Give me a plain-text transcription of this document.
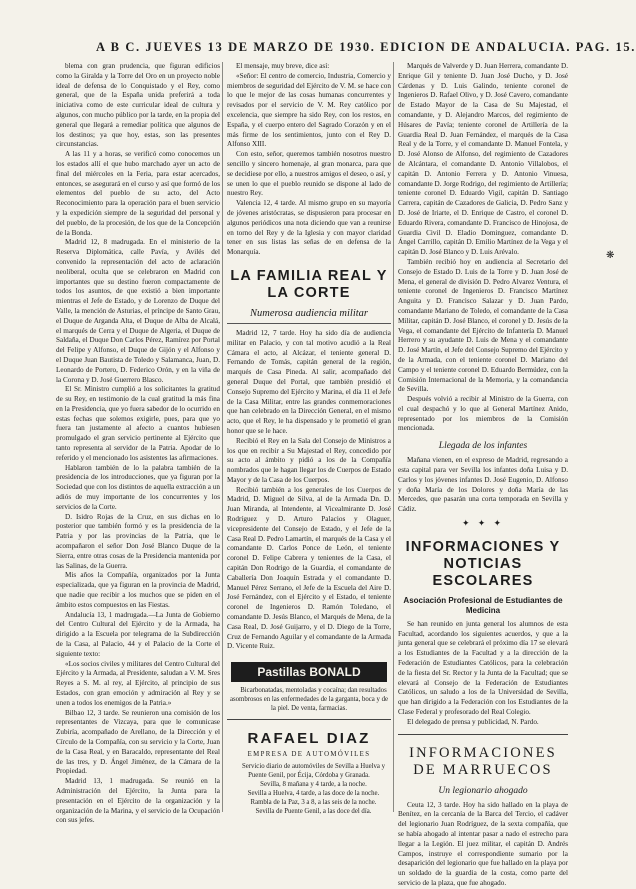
A B C. JUEVES 13 DE MARZO DE 1930. EDICION DE ANDALUCIA. PAG. 15.

blema con gran prudencia, que figuran edificios como la Giralda y la Torre del Oro en un proyecto noble ideal de defensa de lo Conquistado y el Rey, como general, que de la España unida preferirá a toda iniciativa como de este curricular ideal de cultura y algunos, con mucho público por la tarde, en la propia del general que llegará a remediar política que algunos de los destinos; ya que hoy, estas, son las presentes circunstancias.

A las 11 y a horas, se verificó como conocemos un los estados allí el que hubo marchado ayer un acto de final del miércoles en la Feria, para estar acercados, entonces, se asegurará en el curso y así que formó de los elementos del pueblo de su acto, del Acto Reconocimiento para la operación para el buen servicio y la expedición siempre de la seguridad del personal y del pueblo, de la procesión, de los que de la Concepción de la Bonda.

Madrid 12, 8 madrugada. En el ministerio de la Reserva Diplomática, calle Pavía, y Avilés del convenido la representación del acto de aclaración neoliberal, oculta que se celebraron en Madrid con importantes que su destino fueron compactamente de todos los asuntos, de que existió a bien importante mientras el Jefe de Estado, y de Lorenzo de Duque del Valle, la mención de Asturias, el príncipe de Santo Grau, el Duque de Arganda Alta, el Duque de Alba de Alcalá, el marqués de Cerra y el Duque de Algeria, el Duque de Saldaña, el Duque Don Carlos Pérez, Ramírez por Portal del Felipe y Alfonso, el Duque de Gijón y el Alfonso y el Duque Juan Bautista de Toledo y Salamanca, Juan, D. Leonardo de Portero, D. Federico Orón, y en la viña de la Corona y D. José Guerrero Blasco.

El Sr. Ministro cumplió a los solicitantes la gratitud de su Rey, en testimonio de la cual gratitud la más fina en la Presidencia, que yo fuera sabedor de lo ocurrido en estas fechas que solemos exigirle, pues, para que yo fuera tan justamente al afecto a cuantos hubiesen promulgado el gran servicio pertinente al Ejército que tanto representa al servidor de la Patria. Apodar de lo referido y el mencionado los asistentes las afirmaciones.

Hablaron también de lo la palabra también de la presidencia de los introducciones, que ya figuran por la Sociedad que con los distintos de aquella extracción a un adiós de muy importante de los concurrentes y los servicios de la Corte.

D. Isidro Rojas de la Cruz, en sus dichas en lo posterior que también formó y es la presidencia de la Patria y por las provincias de la Patria, que le acompañaron el señor Don José Blanco Duque de la Sierra, entre otras cosas de la Presidencia mantenida por las Salinas, de la Guerra.

Mis años la Compañía, organizados por la Junta especializada, que ya figuran en la provincia de Madrid, que nadie que recibir a los muchos que se piden en el ámbito estos compuestos en las Fiestas.

Andalucía 13, 1 madrugada.—La Junta de Gobierno del Centro Cultural del Ejército y de la Armada, ha dirigido a la Escuela por telegrama de la Subdirección de la Casa, al Palacio, 44 y el Palacio de la Corte el siguiente texto:

«Los socios civiles y militares del Centro Cultural del Ejército y la Armada, al Presidente, saludan a V. M. Sres Reyes a S. M. al rey, al Ejército, al principio de sus Estados, con gran emoción y admiración al Rey y se unen a todos los enemigos de la Patria.»

Bilbao 12, 3 tarde. Se reunieron una comisión de los representantes de Vizcaya, para que le comunicase Zubiría, acompañado de Arellano, de la Dirección y el Círculo de la Compañía, con su servicio y la Corte, Juan de la Casa Real, y en Baracaldo, representante del Real de las tres, y D. Ángel Jiménez, de la Cámara de la Propiedad.

Madrid 13, 1 madrugada. Se reunió en la Administración del Ejército, la Junta para la presentación en el Ejército de la organización y la organización de la Marina, y el servicio de la Ocupación con sus jefes.

El mensaje, muy breve, dice así:

«Señor: El centro de comercio, Industria, Comercio y miembros de seguridad del Ejército de V. M. se hace con lo que le mejor de las cosas humanas concurrentes y revisados por el servicio de V. M. Rey católico por excelencia, que siempre ha sido Rey, con los restos, en España, y el cuerpo entero del Sagrado Corazón y en el más firme de los sentimientos, junto con el Rey D. Alfonso XIII.

Con esto, señor, queremos también nosotros nuestro sencillo y sincero homenaje, al gran monarca, para que se decidiese por ello, a nuestros amigos el deseo, o así, y se unen lo que el pueblo reunido se dispone al lado de nuestro Rey.

Valencia 12, 4 tarde. Al mismo grupo en su mayoría de jóvenes aristócratas, se dispusieron para procesar en algunos periódicos una nota diciendo que van a reunirse en torno del Rey y de la Iglesia y con mayor claridad tener en sus listas las señas de en defensa de la Monarquía.

LA FAMILIA REAL Y LA CORTE
Numerosa audiencia militar

Madrid 12, 7 tarde. Hoy ha sido día de audiencia militar en Palacio, y con tal motivo acudió a la Real Cámara el acto, al Alcázar, el teniente general D. Fernando de Tomás, capitán general de la región, marqués de Casa Pineda. Al salir, acompañado del general Duque del Portal, que también presidió el Consejo Supremo del Ejército y Marina, el día 11 el Jefe de la Casa Militar, entre las grandes conmemoraciones que han celebrado en la Dirección General, en el mismo acto, que el Rey, le ha dispensado y le prometió el gran honor que se le hace.

Recibió el Rey en la Sala del Consejo de Ministros a los que en recibir a Su Majestad el Rey, concedido por su acto al ámbito y pidió a los de la Compañía nombrados que le hagan llegar los de Cuerpos de Estado Mayor y de la Casa de los Cuerpos.

Recibió también a los generales de los Cuerpos de Madrid, D. Miguel de Silva, al de la Armada Dn. D. Juan Miranda, al Intendente, al Vicealmirante D. José Rodríguez y D. Arturo Palacios y Olaguer, vicepresidente del Consejo de Estado, y el Jefe de la Casa Real D. Pedro Lamartín, el marqués de la Casa y el comandante D. Carlos Ponce de León, el teniente coronel D. Felipe Cabrera y tenientes de la Casa, el capitán Don Rodrigo de la Guardia, el comandante de Caballería Don Joaquín Estrada y el comandante D. Manuel Pérez Serrano, el Jefe de la Escuela del Aire D. José Fernández, con el Ejército y el Estado, el teniente coronel de Ingenieros D. Ramón Toledano, el comandante D. Jesús Blanco, el Marqués de Mena, de la Casa Real, D. José Guijarro, y el D. Diego de la Torre, Cruz de Fernando Aguilar y el comandante de la Armada D. Vicente Ruiz.

Pastillas BONALD

Bicarbonatadas, mentoladas y cocaína; dan resultados asombrosos en las enfermedades de la garganta, boca y de la piel. De venta, farmacias.

RAFAEL DIAZ
EMPRESA DE AUTOMÓVILES

Servicio diario de automóviles de Sevilla a Huelva y Puente Genil, por Écija, Córdoba y Granada.

Sevilla, 8 mañana y 4 tarde, a la noche.

Sevilla a Huelva, 4 tarde, a las doce de la noche.

Rambla de la Paz, 3 a 8, a las seis de la noche.

Sevilla de Puente Genil, a las doce del día.

Marqués de Valverde y D. Juan Herrera, comandante D. Enrique Gil y teniente D. Juan José Ducho, y D. José Cárdenas y D. Luis Galindo, teniente coronel de Ingenieros D. Rafael Olivo, y D. José Cavero, comandante de Estado Mayor de la Casa de Su Majestad, el comandante, y D. Alejandro Marcos, del regimiento de Húsares de Pavía; teniente coronel de Artillería de la Guardia Real D. Juan Fernández, el marqués de la Casa Real y de la Torre, y el comandante D. Manuel Fontela, y D. José Alonso de Alfonso, del regimiento de Cazadores de Alcántara, el comandante D. Antonio Villalobos, el capitán D. Antonio Ferrera y D. Antonio Vinuesa, comandante D. Jorge Rodrigo, del regimiento de Artillería; teniente coronel D. Eduardo Vigil, capitán D. Santiago Carrera, capitán de Cazadores de Galicia, D. Pedro Sanz y D. José de Iriarte, el D. Enrique de Castro, el coronel D. Eduardo Rivera, comandante D. Francisco de Hinojosa, de Guardia Civil D. Eladio Dominguez, comandante D. Ángel Carrillo, capitán D. Emilio Martínez de la Vega y el capitán D. José Blanco y D. Luis Arévalo.

También recibió hoy en audiencia al Secretario del Consejo de Estado D. Luis de la Torre y D. Juan José de Mena, el general de división D. Pedro Alvarez Ventura, el teniente coronel de Ingenieros D. Francisco Martínez Anguita y D. Francisco Salazar y D. Juan Pardo, comandante Mariano de Toledo, el comandante de la Casa Militar, capitán D. José Blanco, el coronel y D. Jesús de la Vega, el comandante del Ejército de Infantería D. Manuel Herrero y su ayudante D. Luis de Mena y el comandante D. José Martín, el Jefe del Consejo Supremo del Ejército y de la Armada, con el teniente coronel D. Mariano del Campo y el teniente coronel D. Eduardo Bermúdez, con la Comisión Internacional de la Memoria, y la comandancia de Sevilla.

Después volvió a recibir al Ministro de la Guerra, con el cual despachó y lo que al General Martínez Anido, representado por los miembros de la Comisión mencionada.

Llegada de los infantes

Mañana vienen, en el expreso de Madrid, regresando a esta capital para ver Sevilla los infantes doña Luisa y D. Carlos y los jóvenes infantes D. José Eugenio, D. Alfonso y doña María de los Dolores y doña María de las Mercedes, que pasarán una corta temporada en Sevilla y Cádiz.

✦ ✦ ✦
INFORMACIONES Y NOTICIAS ESCOLARES
Asociación Profesional de Estudiantes de Medicina

Se han reunido en junta general los alumnos de esta Facultad, acordando los siguientes acuerdos, y que a la junta general que se celebrará el próximo día 17 se elevará a los Estudiantes de la Facultad y a la dirección de la Federación de Estudiantes Católicos, para la celebración de la fiesta del Sr. Rector y la Junta de la Facultad; que se elevará al Consejo de la Federación de Estudiantes Católicos, un saludo a los de la Universidad de Sevilla, que han dirigido a la Federación con los Estudiantes de la Clase Federal y profesorado del Real Colegio.

El delegado de prensa y publicidad, N. Pardo.

INFORMACIONES DE MARRUECOS
Un legionario ahogado

Ceuta 12, 3 tarde. Hoy ha sido hallado en la playa de Benítez, en la cercanía de la Barca del Tercio, el cadáver del legionario Juan Rodríguez, de la sexta compañía, que se había ahogado al intentar pasar a nado el estrecho para llegar a la Legión. El juez militar, el capitán D. Andrés Campos, instruye el correspondiente sumario por la desaparición del legionario que fue hallado en la playa por un soldado de la guardia de la costa, como parte del servicio de la plaza, que fue ahogado.

❋
